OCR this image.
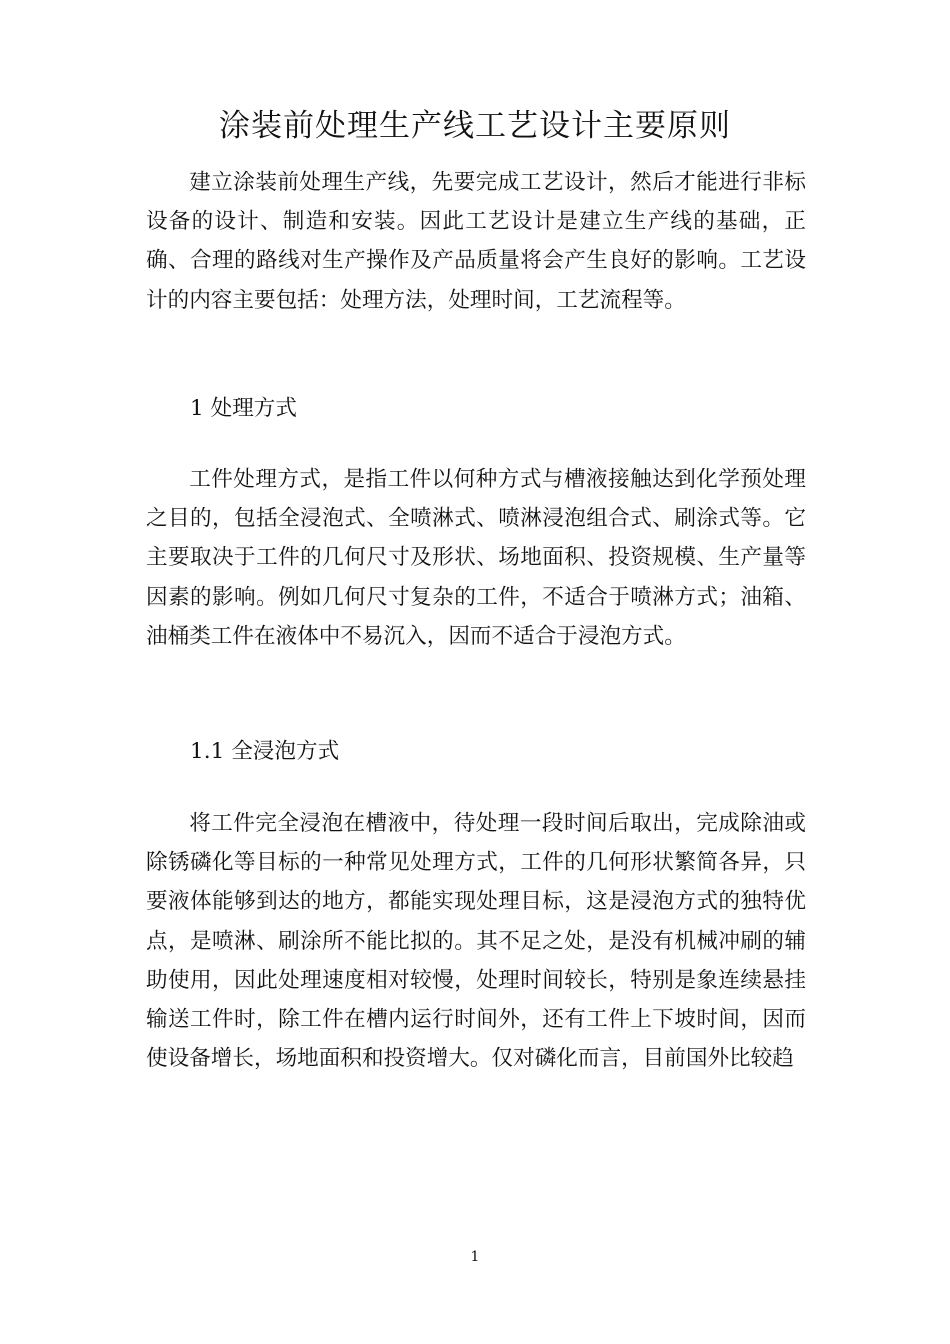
涂装前处理生产线工艺设计主要原则

建立涂装前处理生产线，先要完成工艺设计，然后才能进行非标设备的设计、制造和安装。因此工艺设计是建立生产线的基础，正确、合理的路线对生产操作及产品质量将会产生良好的影响。工艺设计的内容主要包括：处理方法，处理时间，工艺流程等。

1 处理方式

工件处理方式，是指工件以何种方式与槽液接触达到化学预处理之目的，包括全浸泡式、全喷淋式、喷淋浸泡组合式、刷涂式等。它主要取决于工件的几何尺寸及形状、场地面积、投资规模、生产量等因素的影响。例如几何尺寸复杂的工件，不适合于喷淋方式；油箱、油桶类工件在液体中不易沉入，因而不适合于浸泡方式。

1.1 全浸泡方式

将工件完全浸泡在槽液中，待处理一段时间后取出，完成除油或除锈磷化等目标的一种常见处理方式，工件的几何形状繁简各异，只要液体能够到达的地方，都能实现处理目标，这是浸泡方式的独特优点，是喷淋、刷涂所不能比拟的。其不足之处，是没有机械冲刷的辅助使用，因此处理速度相对较慢，处理时间较长，特别是象连续悬挂输送工件时，除工件在槽内运行时间外，还有工件上下坡时间，因而使设备增长，场地面积和投资增大。仅对磷化而言，目前国外比较趋

1
